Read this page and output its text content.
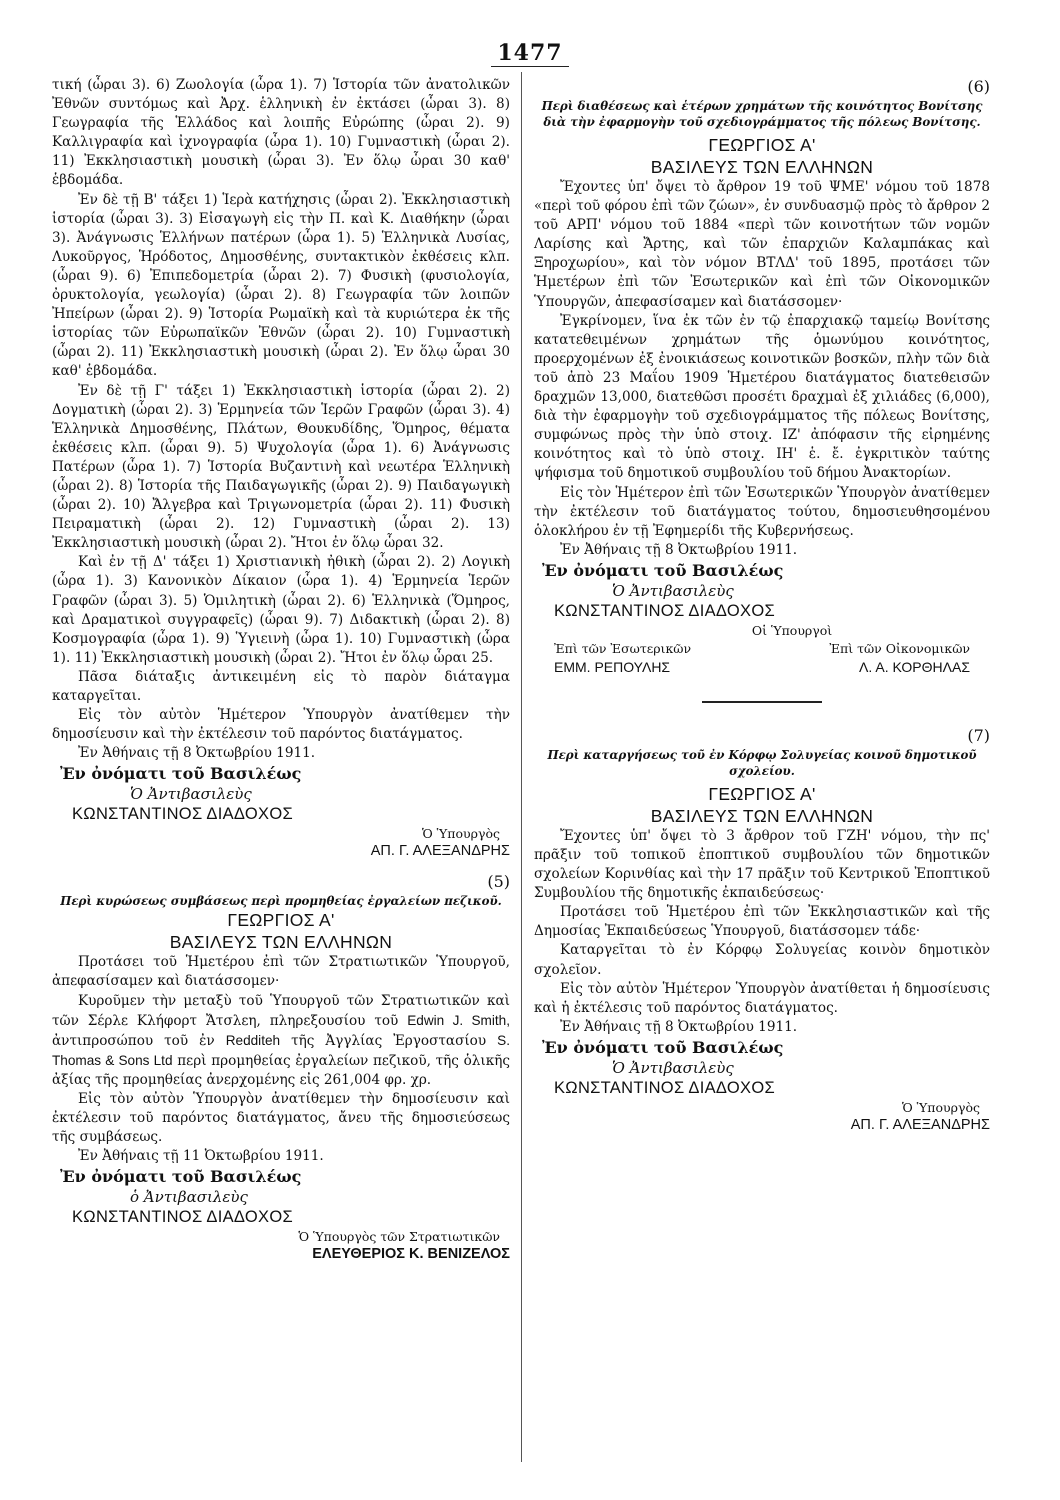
1477

τική (ὧραι 3). 6) Ζωολογία (ὧρα 1). 7) Ἱστορία τῶν ἀνατολικῶν Ἐθνῶν συντόμως καὶ Ἀρχ. ἑλληνικὴ ἐν ἐκτάσει (ὧραι 3). 8) Γεωγραφία τῆς Ἑλλάδος καὶ λοιπῆς Εὐρώπης (ὧραι 2). 9) Καλλιγραφία καὶ ἰχνογραφία (ὧρα 1). 10) Γυμναστικὴ (ὧραι 2). 11) Ἐκκλησιαστικὴ μουσικὴ (ὧραι 3). Ἐν ὅλῳ ὧραι 30 καθ' ἑβδομάδα.

Ἐν δὲ τῇ Β' τάξει 1) Ἱερὰ κατήχησις (ὧραι 2). Ἐκκλησιαστικὴ ἱστορία (ὧραι 3). 3) Εἰσαγωγὴ εἰς τὴν Π. καὶ Κ. Διαθήκην (ὧραι 3). Ἀνάγνωσις Ἑλλήνων πατέρων (ὧρα 1). 5) Ἑλληνικὰ Λυσίας, Λυκοῦργος, Ἡρόδοτος, Δημοσθένης, συντακτικὸν ἐκθέσεις κλπ. (ὧραι 9). 6) Ἐπιπεδομετρία (ὧραι 2). 7) Φυσικὴ (φυσιολογία, ὀρυκτολογία, γεωλογία) (ὧραι 2). 8) Γεωγραφία τῶν λοιπῶν Ἠπείρων (ὧραι 2). 9) Ἱστορία Ρωμαϊκὴ καὶ τὰ κυριώτερα ἐκ τῆς ἱστορίας τῶν Εὐρωπαϊκῶν Ἐθνῶν (ὧραι 2). 10) Γυμναστικὴ (ὧραι 2). 11) Ἐκκλησιαστικὴ μουσικὴ (ὧραι 2). Ἐν ὅλῳ ὧραι 30 καθ' ἑβδομάδα.

Ἐν δὲ τῇ Γ' τάξει 1) Ἐκκλησιαστικὴ ἱστορία (ὧραι 2). 2) Δογματικὴ (ὧραι 2). 3) Ἑρμηνεία τῶν Ἱερῶν Γραφῶν (ὧραι 3). 4) Ἑλληνικὰ Δημοσθένης, Πλάτων, Θουκυδίδης, Ὅμηρος, θέματα ἐκθέσεις κλπ. (ὧραι 9). 5) Ψυχολογία (ὧρα 1). 6) Ἀνάγνωσις Πατέρων (ὧρα 1). 7) Ἱστορία Βυζαντινὴ καὶ νεωτέρα Ἑλληνικὴ (ὧραι 2). 8) Ἱστορία τῆς Παιδαγωγικῆς (ὧραι 2). 9) Παιδαγωγικὴ (ὧραι 2). 10) Ἄλγεβρα καὶ Τριγωνομετρία (ὧραι 2). 11) Φυσικὴ Πειραματικὴ (ὧραι 2). 12) Γυμναστικὴ (ὧραι 2). 13) Ἐκκλησιαστικὴ μουσικὴ (ὧραι 2). Ἤτοι ἐν ὅλῳ ὧραι 32.

Καὶ ἐν τῇ Δ' τάξει 1) Χριστιανικὴ ἠθικὴ (ὧραι 2). 2) Λογικὴ (ὧρα 1). 3) Κανονικὸν Δίκαιον (ὧρα 1). 4) Ἑρμηνεία Ἱερῶν Γραφῶν (ὧραι 3). 5) Ὁμιλητικὴ (ὧραι 2). 6) Ἑλληνικὰ (Ὅμηρος, καὶ Δραματικοὶ συγγραφεῖς) (ὧραι 9). 7) Διδακτικὴ (ὧραι 2). 8) Κοσμογραφία (ὧρα 1). 9) Ὑγιεινὴ (ὧρα 1). 10) Γυμναστικὴ (ὧρα 1). 11) Ἐκκλησιαστικὴ μουσικὴ (ὧραι 2). Ἤτοι ἐν ὅλῳ ὧραι 25.

Πᾶσα διάταξις ἀντικειμένη εἰς τὸ παρὸν διάταγμα καταργεῖται.

Εἰς τὸν αὐτὸν Ἡμέτερον Ὑπουργὸν ἀνατίθεμεν τὴν δημοσίευσιν καὶ τὴν ἐκτέλεσιν τοῦ παρόντος διατάγματος.

Ἐν Ἀθήναις τῇ 8 Ὀκτωβρίου 1911.

Ἐν ὀνόματι τοῦ Βασιλέως

Ὁ Ἀντιβασιλεὺς

ΚΩΝΣΤΑΝΤΙΝΟΣ ΔΙΑΔΟΧΟΣ

Ὁ Ὑπουργὸς

ΑΠ. Γ. ΑΛΕΞΑΝΔΡΗΣ

(5)

Περὶ κυρώσεως συμβάσεως περὶ προμηθείας ἐργαλείων πεζικοῦ.

ΓΕΩΡΓΙΟΣ Α'

ΒΑΣΙΛΕΥΣ ΤΩΝ ΕΛΛΗΝΩΝ

Προτάσει τοῦ Ἡμετέρου ἐπὶ τῶν Στρατιωτικῶν Ὑπουργοῦ, ἀπεφασίσαμεν καὶ διατάσσομεν·

Κυροῦμεν τὴν μεταξὺ τοῦ Ὑπουργοῦ τῶν Στρατιωτικῶν καὶ τῶν Σέρλε Κλήφορτ Ἄτσλεη, πληρεξουσίου τοῦ Edwin J. Smith, ἀντιπροσώπου τοῦ ἐν Redditeh τῆς Ἀγγλίας Ἐργοστασίου S. Thomas & Sons Ltd περὶ προμηθείας ἐργαλείων πεζικοῦ, τῆς ὁλικῆς ἀξίας τῆς προμηθείας ἀνερχομένης εἰς 261,004 φρ. χρ.

Εἰς τὸν αὐτὸν Ὑπουργὸν ἀνατίθεμεν τὴν δημοσίευσιν καὶ ἐκτέλεσιν τοῦ παρόντος διατάγματος, ἄνευ τῆς δημοσιεύσεως τῆς συμβάσεως.

Ἐν Ἀθήναις τῇ 11 Ὀκτωβρίου 1911.

Ἐν ὀνόματι τοῦ Βασιλέως

ὁ Ἀντιβασιλεὺς

ΚΩΝΣΤΑΝΤΙΝΟΣ ΔΙΑΔΟΧΟΣ

Ὁ Ὑπουργὸς τῶν Στρατιωτικῶν

ΕΛΕΥΘΕΡΙΟΣ Κ. ΒΕΝΙΖΕΛΟΣ

(6)

Περὶ διαθέσεως καὶ ἑτέρων χρημάτων τῆς κοινότητος Βονίτσης διὰ τὴν ἐφαρμογὴν τοῦ σχεδιογράμματος τῆς πόλεως Βονίτσης.

ΓΕΩΡΓΙΟΣ Α'

ΒΑΣΙΛΕΥΣ ΤΩΝ ΕΛΛΗΝΩΝ

Ἔχοντες ὑπ' ὄψει τὸ ἄρθρον 19 τοῦ ΨΜΕ' νόμου τοῦ 1878 «περὶ τοῦ φόρου ἐπὶ τῶν ζώων», ἐν συνδυασμῷ πρὸς τὸ ἄρθρον 2 τοῦ ΑΡΠ' νόμου τοῦ 1884 «περὶ τῶν κοινοτήτων τῶν νομῶν Λαρίσης καὶ Ἄρτης, καὶ τῶν ἐπαρχιῶν Καλαμπάκας καὶ Ξηροχωρίου», καὶ τὸν νόμον ΒΤΛΔ' τοῦ 1895, προτάσει τῶν Ἡμετέρων ἐπὶ τῶν Ἐσωτερικῶν καὶ ἐπὶ τῶν Οἰκονομικῶν Ὑπουργῶν, ἀπεφασίσαμεν καὶ διατάσσομεν·

Ἐγκρίνομεν, ἵνα ἐκ τῶν ἐν τῷ ἐπαρχιακῷ ταμείῳ Βονίτσης κατατεθειμένων χρημάτων τῆς ὁμωνύμου κοινότητος, προερχομένων ἐξ ἐνοικιάσεως κοινοτικῶν βοσκῶν, πλὴν τῶν διὰ τοῦ ἀπὸ 23 Μαΐου 1909 Ἡμετέρου διατάγματος διατεθεισῶν δραχμῶν 13,000, διατεθῶσι προσέτι δραχμαὶ ἐξ χιλιάδες (6,000), διὰ τὴν ἐφαρμογὴν τοῦ σχεδιογράμματος τῆς πόλεως Βονίτσης, συμφώνως πρὸς τὴν ὑπὸ στοιχ. ΙΖ' ἀπόφασιν τῆς εἰρημένης κοινότητος καὶ τὸ ὑπὸ στοιχ. ΙΗ' ἑ. ἔ. ἐγκριτικὸν ταύτης ψήφισμα τοῦ δημοτικοῦ συμβουλίου τοῦ δήμου Ἀνακτορίων.

Εἰς τὸν Ἡμέτερον ἐπὶ τῶν Ἐσωτερικῶν Ὑπουργὸν ἀνατίθεμεν τὴν ἐκτέλεσιν τοῦ διατάγματος τούτου, δημοσιευθησομένου ὁλοκλήρου ἐν τῇ Ἐφημερίδι τῆς Κυβερνήσεως.

Ἐν Ἀθήναις τῇ 8 Ὀκτωβρίου 1911.

Ἐν ὀνόματι τοῦ Βασιλέως

Ὁ Ἀντιβασιλεὺς

ΚΩΝΣΤΑΝΤΙΝΟΣ ΔΙΑΔΟΧΟΣ

Οἱ Ὑπουργοὶ

Ἐπὶ τῶν Ἐσωτερικῶν	Ἐπὶ τῶν Οἰκονομικῶν
ΕΜΜ. ΡΕΠΟΥΛΗΣ	Λ. Α. ΚΟΡΘΗΛΑΣ

(7)

Περὶ καταργήσεως τοῦ ἐν Κόρφῳ Σολυγείας κοινοῦ δημοτικοῦ σχολείου.

ΓΕΩΡΓΙΟΣ Α'

ΒΑΣΙΛΕΥΣ ΤΩΝ ΕΛΛΗΝΩΝ

Ἔχοντες ὑπ' ὄψει τὸ 3 ἄρθρον τοῦ ΓΖΗ' νόμου, τὴν πς' πρᾶξιν τοῦ τοπικοῦ ἐποπτικοῦ συμβουλίου τῶν δημοτικῶν σχολείων Κορινθίας καὶ τὴν 17 πρᾶξιν τοῦ Κεντρικοῦ Ἐποπτικοῦ Συμβουλίου τῆς δημοτικῆς ἐκπαιδεύσεως·

Προτάσει τοῦ Ἡμετέρου ἐπὶ τῶν Ἐκκλησιαστικῶν καὶ τῆς Δημοσίας Ἐκπαιδεύσεως Ὑπουργοῦ, διατάσσομεν τάδε·

Καταργεῖται τὸ ἐν Κόρφῳ Σολυγείας κοινὸν δημοτικὸν σχολεῖον.

Εἰς τὸν αὐτὸν Ἡμέτερον Ὑπουργὸν ἀνατίθεται ἡ δημοσίευσις καὶ ἡ ἐκτέλεσις τοῦ παρόντος διατάγματος.

Ἐν Ἀθήναις τῇ 8 Ὀκτωβρίου 1911.

Ἐν ὀνόματι τοῦ Βασιλέως

Ὁ Ἀντιβασιλεὺς

ΚΩΝΣΤΑΝΤΙΝΟΣ ΔΙΑΔΟΧΟΣ

Ὁ Ὑπουργὸς

ΑΠ. Γ. ΑΛΕΞΑΝΔΡΗΣ
